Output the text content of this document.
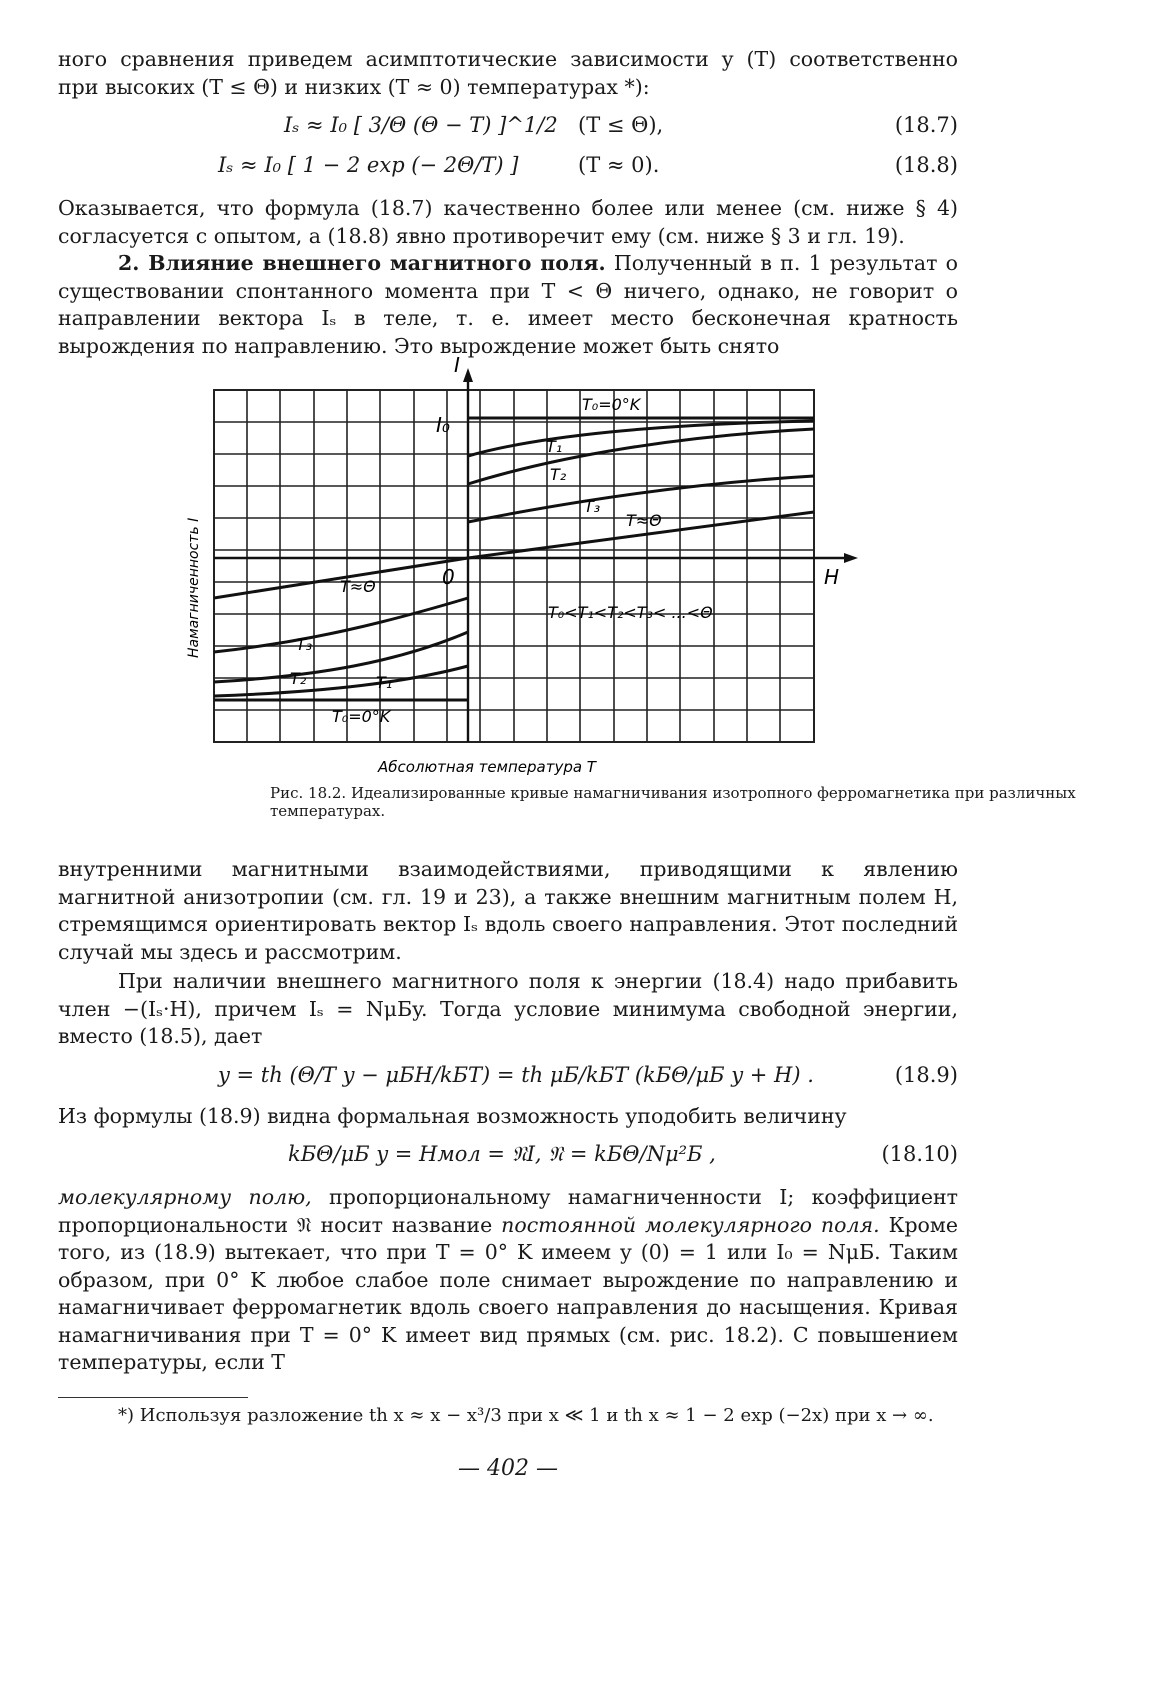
ного сравнения приведем асимптотические зависимости y (T) соответственно при высоких (T ≤ Θ) и низких (T ≈ 0) температурах *):

Iₛ ≈ I₀ [ 3/Θ (Θ − T) ]^1/2 (T ≤ Θ),	(18.7)
Iₛ ≈ I₀ [ 1 − 2 exp (− 2Θ/T) ]	(T ≈ 0).	(18.8)

Оказывается, что формула (18.7) качественно более или менее (см. ниже § 4) согласуется с опытом, а (18.8) явно противоречит ему (см. ниже § 3 и гл. 19).

2. Влияние внешнего магнитного поля. Полученный в п. 1 результат о существовании спонтанного момента при T < Θ ничего, однако, не говорит о направлении вектора Iₛ в теле, т. е. имеет место бесконечная кратность вырождения по направлению. Это вырождение может быть снято

I
H
0
I₀
T₀=0°K
T₁
T₂
T₃
T≈Θ
T≈Θ
T₃
T₂	T₁
T₀=0°K
T₀<T₁<T₂<T₃< ...<Θ
Намагниченность I
Абсолютная температура T
Рис. 18.2. Идеализированные кривые намагничивания изотропного ферромагнетика при различных температурах.

внутренними магнитными взаимодействиями, приводящими к явлению магнитной анизотропии (см. гл. 19 и 23), а также внешним магнитным полем H, стремящимся ориентировать вектор Iₛ вдоль своего направления. Этот последний случай мы здесь и рассмотрим.

При наличии внешнего магнитного поля к энергии (18.4) надо прибавить член −(Iₛ·H), причем Iₛ = NμБy. Тогда условие минимума свободной энергии, вместо (18.5), дает

y = th (Θ/T y − μБH/kБT) = th μБ/kБT (kБΘ/μБ y + H) .	(18.9)

Из формулы (18.9) видна формальная возможность уподобить величину

kБΘ/μБ y = Hмол = 𝔑I, 𝔑 = kБΘ/Nμ²Б ,	(18.10)

молекулярному полю, пропорциональному намагниченности I; коэффициент пропорциональности 𝔑 носит название постоянной молекулярного поля. Кроме того, из (18.9) вытекает, что при T = 0° K имеем y (0) = 1 или I₀ = NμБ. Таким образом, при 0° K любое слабое поле снимает вырождение по направлению и намагничивает ферромагнетик вдоль своего направления до насыщения. Кривая намагничивания при T = 0° K имеет вид прямых (см. рис. 18.2). С повышением температуры, если T

*) Используя разложение th x ≈ x − x³/3 при x ≪ 1 и th x ≈ 1 − 2 exp (−2x) при x → ∞.

— 402 —
